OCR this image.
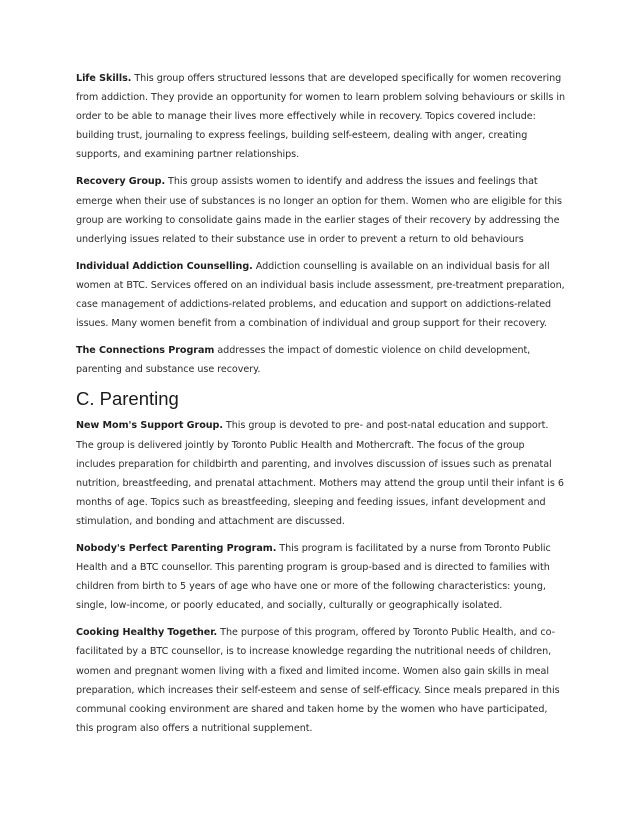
Life Skills. This group offers structured lessons that are developed specifically for women recovering from addiction. They provide an opportunity for women to learn problem solving behaviours or skills in order to be able to manage their lives more effectively while in recovery. Topics covered include: building trust, journaling to express feelings, building self-esteem, dealing with anger, creating supports, and examining partner relationships.

Recovery Group. This group assists women to identify and address the issues and feelings that emerge when their use of substances is no longer an option for them. Women who are eligible for this group are working to consolidate gains made in the earlier stages of their recovery by addressing the underlying issues related to their substance use in order to prevent a return to old behaviours

Individual Addiction Counselling. Addiction counselling is available on an individual basis for all women at BTC. Services offered on an individual basis include assessment, pre-treatment preparation, case management of addictions-related problems, and education and support on addictions-related issues. Many women benefit from a combination of individual and group support for their recovery.

The Connections Program addresses the impact of domestic violence on child development, parenting and substance use recovery.

C. Parenting

New Mom's Support Group. This group is devoted to pre- and post-natal education and support. The group is delivered jointly by Toronto Public Health and Mothercraft. The focus of the group includes preparation for childbirth and parenting, and involves discussion of issues such as prenatal nutrition, breastfeeding, and prenatal attachment. Mothers may attend the group until their infant is 6 months of age. Topics such as breastfeeding, sleeping and feeding issues, infant development and stimulation, and bonding and attachment are discussed.

Nobody's Perfect Parenting Program. This program is facilitated by a nurse from Toronto Public Health and a BTC counsellor. This parenting program is group-based and is directed to families with children from birth to 5 years of age who have one or more of the following characteristics: young, single, low-income, or poorly educated, and socially, culturally or geographically isolated.

Cooking Healthy Together. The purpose of this program, offered by Toronto Public Health, and co-facilitated by a BTC counsellor, is to increase knowledge regarding the nutritional needs of children, women and pregnant women living with a fixed and limited income. Women also gain skills in meal preparation, which increases their self-esteem and sense of self-efficacy. Since meals prepared in this communal cooking environment are shared and taken home by the women who have participated, this program also offers a nutritional supplement.
